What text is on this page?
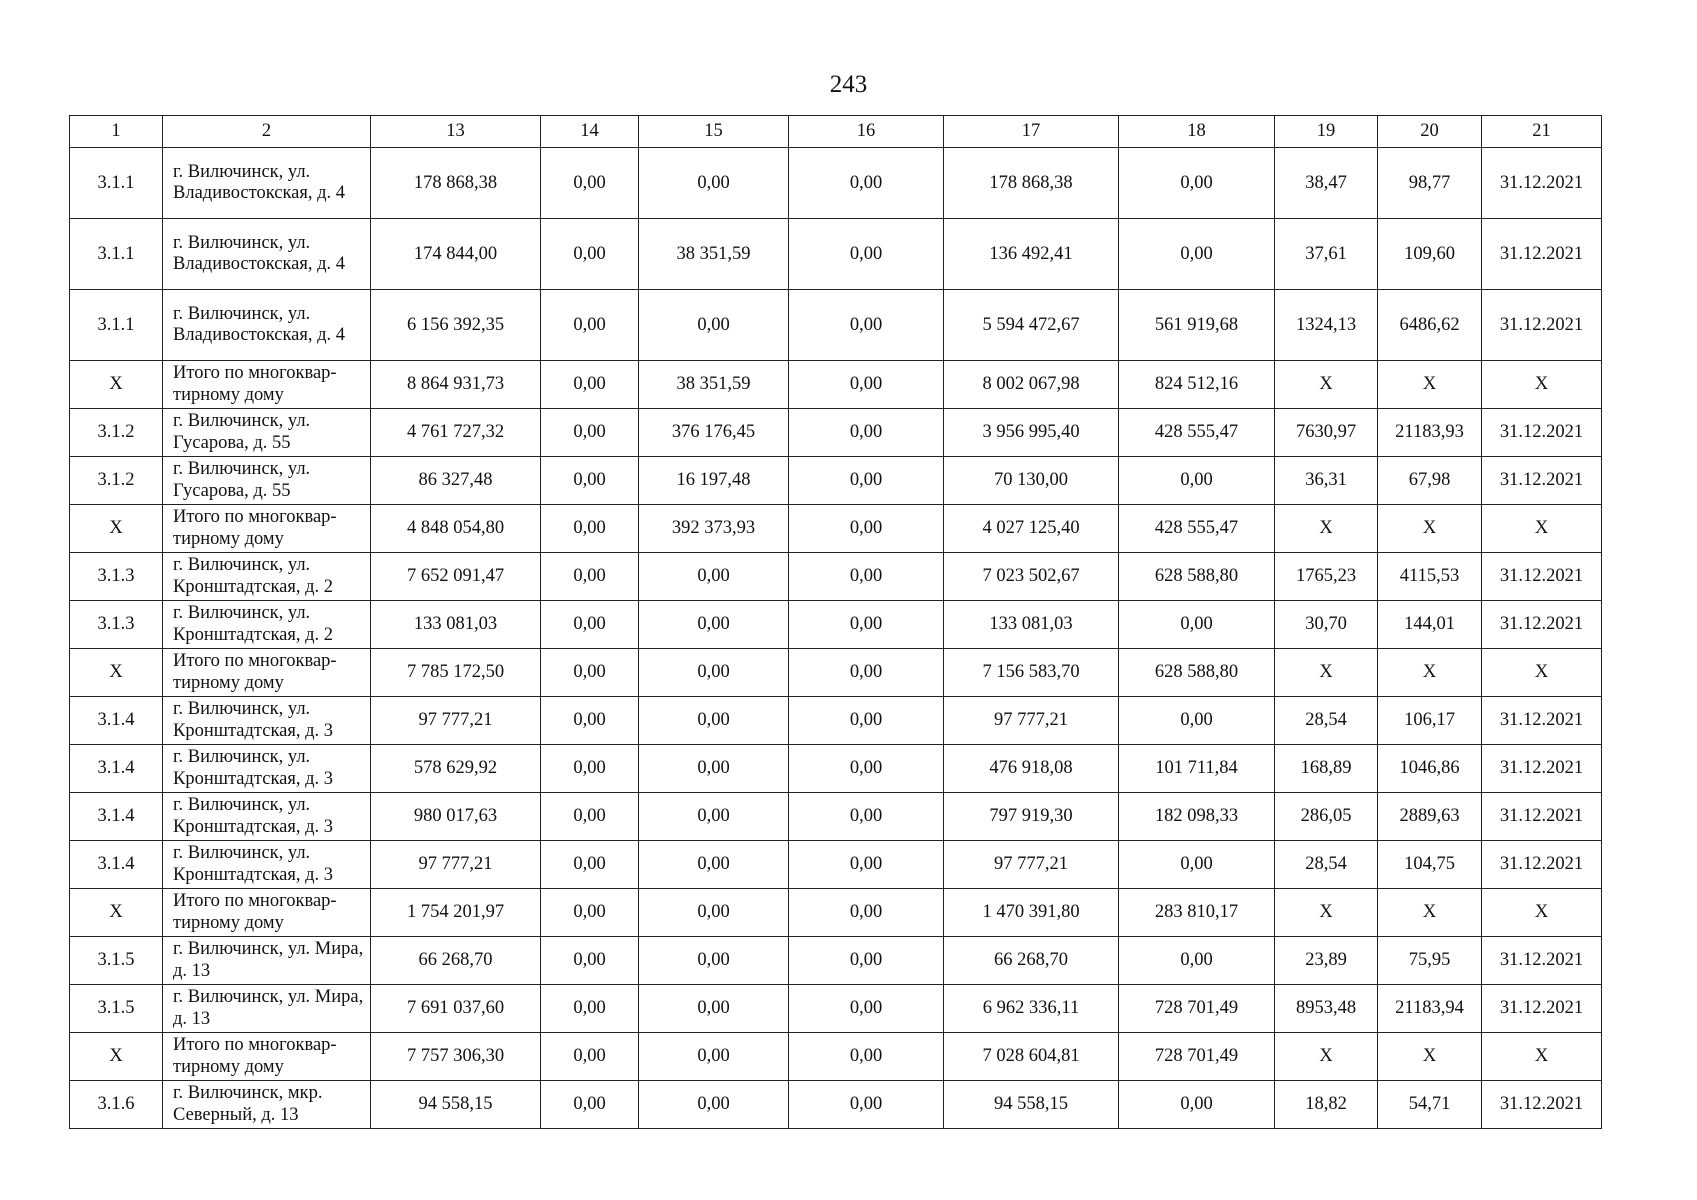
243
1	2	13	14	15	16	17	18	19	20	21
3.1.1	г. Вилючинск, ул. Владивостокская, д. 4	178 868,38	0,00	0,00	0,00	178 868,38	0,00	38,47	98,77	31.12.2021
3.1.1	г. Вилючинск, ул. Владивостокская, д. 4	174 844,00	0,00	38 351,59	0,00	136 492,41	0,00	37,61	109,60	31.12.2021
3.1.1	г. Вилючинск, ул. Владивостокская, д. 4	6 156 392,35	0,00	0,00	0,00	5 594 472,67	561 919,68	1324,13	6486,62	31.12.2021
Х	Итого по многоквар-тирному дому	8 864 931,73	0,00	38 351,59	0,00	8 002 067,98	824 512,16	Х	Х	Х
3.1.2	г. Вилючинск, ул. Гусарова, д. 55	4 761 727,32	0,00	376 176,45	0,00	3 956 995,40	428 555,47	7630,97	21183,93	31.12.2021
3.1.2	г. Вилючинск, ул. Гусарова, д. 55	86 327,48	0,00	16 197,48	0,00	70 130,00	0,00	36,31	67,98	31.12.2021
Х	Итого по многоквар-тирному дому	4 848 054,80	0,00	392 373,93	0,00	4 027 125,40	428 555,47	Х	Х	Х
3.1.3	г. Вилючинск, ул. Кронштадтская, д. 2	7 652 091,47	0,00	0,00	0,00	7 023 502,67	628 588,80	1765,23	4115,53	31.12.2021
3.1.3	г. Вилючинск, ул. Кронштадтская, д. 2	133 081,03	0,00	0,00	0,00	133 081,03	0,00	30,70	144,01	31.12.2021
Х	Итого по многоквар-тирному дому	7 785 172,50	0,00	0,00	0,00	7 156 583,70	628 588,80	Х	Х	Х
3.1.4	г. Вилючинск, ул. Кронштадтская, д. 3	97 777,21	0,00	0,00	0,00	97 777,21	0,00	28,54	106,17	31.12.2021
3.1.4	г. Вилючинск, ул. Кронштадтская, д. 3	578 629,92	0,00	0,00	0,00	476 918,08	101 711,84	168,89	1046,86	31.12.2021
3.1.4	г. Вилючинск, ул. Кронштадтская, д. 3	980 017,63	0,00	0,00	0,00	797 919,30	182 098,33	286,05	2889,63	31.12.2021
3.1.4	г. Вилючинск, ул. Кронштадтская, д. 3	97 777,21	0,00	0,00	0,00	97 777,21	0,00	28,54	104,75	31.12.2021
Х	Итого по многоквар-тирному дому	1 754 201,97	0,00	0,00	0,00	1 470 391,80	283 810,17	Х	Х	Х
3.1.5	г. Вилючинск, ул. Мира, д. 13	66 268,70	0,00	0,00	0,00	66 268,70	0,00	23,89	75,95	31.12.2021
3.1.5	г. Вилючинск, ул. Мира, д. 13	7 691 037,60	0,00	0,00	0,00	6 962 336,11	728 701,49	8953,48	21183,94	31.12.2021
Х	Итого по многоквар-тирному дому	7 757 306,30	0,00	0,00	0,00	7 028 604,81	728 701,49	Х	Х	Х
3.1.6	г. Вилючинск, мкр. Северный, д. 13	94 558,15	0,00	0,00	0,00	94 558,15	0,00	18,82	54,71	31.12.2021
